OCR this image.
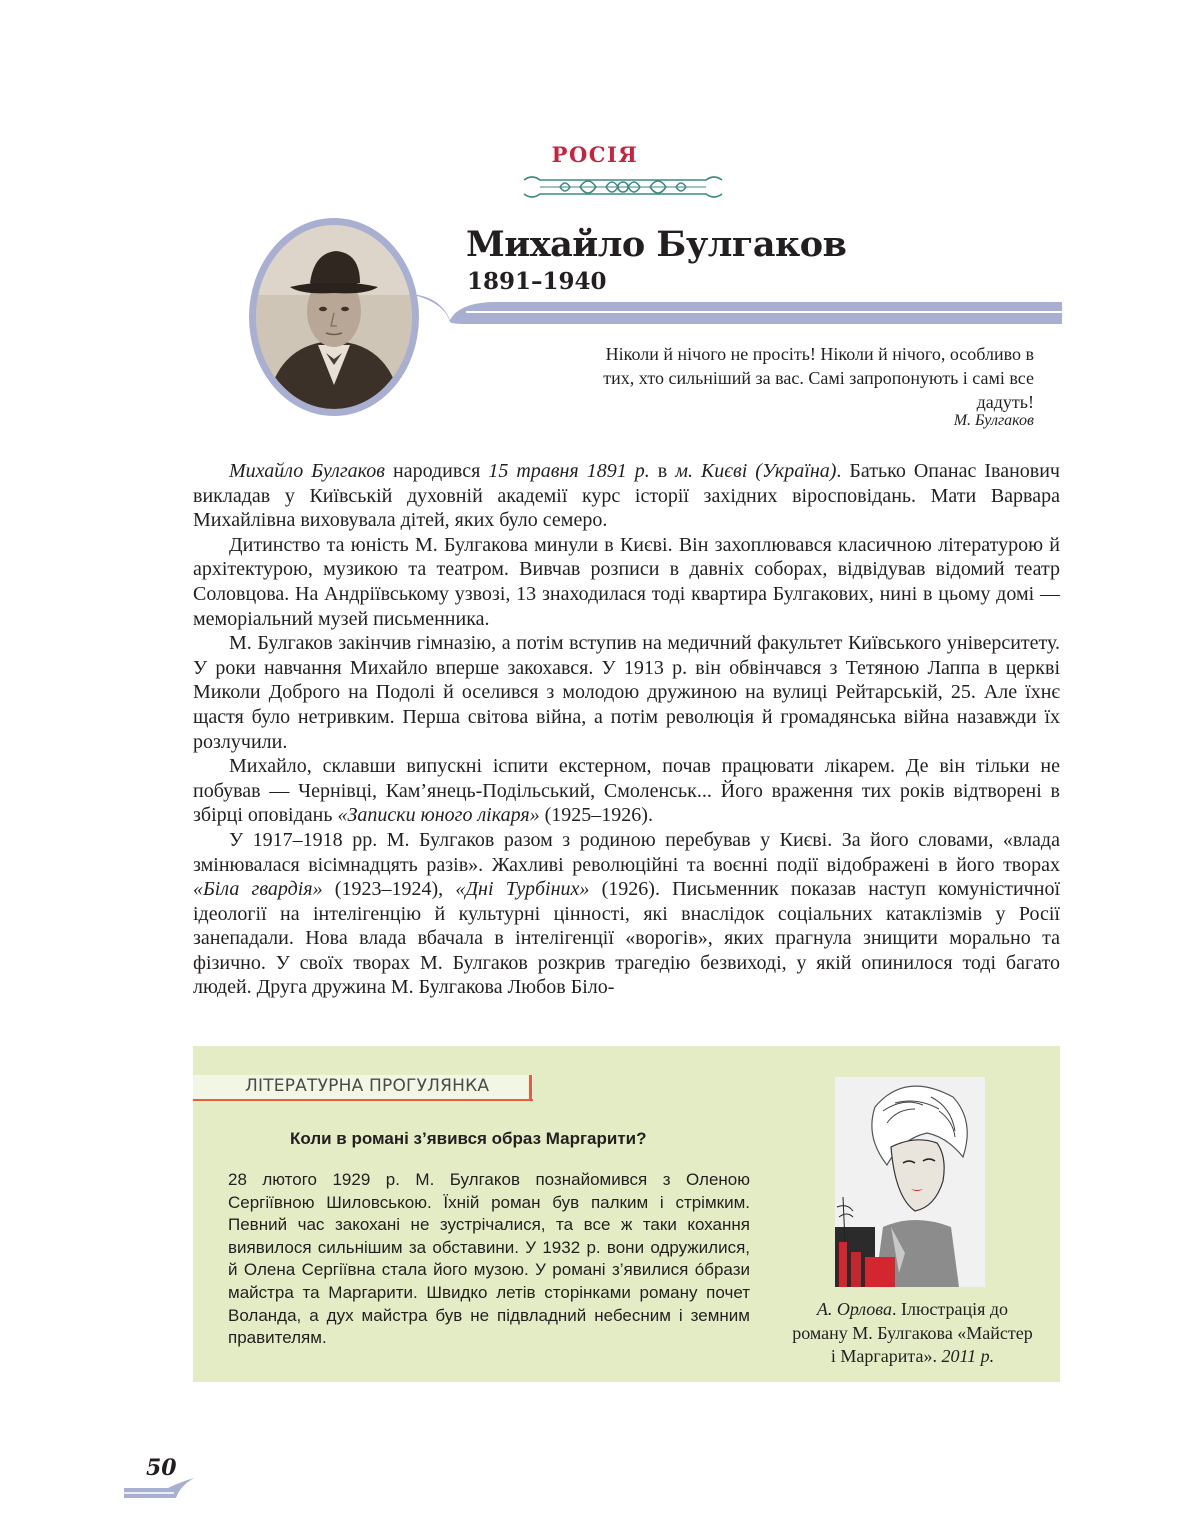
РОСІЯ
Михайло Булгаков
1891–1940
Ніколи й нічого не просіть! Ніколи й нічого, особливо в тих, хто сильніший за вас. Самі запропонують і самі все дадуть!
М. Булгаков

Михайло Булгаков народився 15 травня 1891 р. в м. Києві (Україна). Батько Опанас Іванович викладав у Київській духовній академії курс історії західних віросповідань. Мати Варвара Михайлівна виховувала дітей, яких було семеро.

Дитинство та юність М. Булгакова минули в Києві. Він захоплювався класичною літературою й архітектурою, музикою та театром. Вивчав розписи в давніх соборах, відвідував відомий театр Соловцова. На Андріївському узвозі, 13 знаходилася тоді квартира Булгакових, нині в цьому домі — меморіальний музей письменника.

М. Булгаков закінчив гімназію, а потім вступив на медичний факультет Київського університету. У роки навчання Михайло вперше закохався. У 1913 р. він обвінчався з Тетяною Лаппа в церкві Миколи Доброго на Подолі й оселився з молодою дружиною на вулиці Рейтарській, 25. Але їхнє щастя було нетривким. Перша світова війна, а потім революція й громадянська війна назавжди їх розлучили.

Михайло, склавши випускні іспити екстерном, почав працювати лікарем. Де він тільки не побував — Чернівці, Кам’янець-Подільський, Смоленськ... Його враження тих років відтворені в збірці оповідань «Записки юного лікаря» (1925–1926).

У 1917–1918 рр. М. Булгаков разом з родиною перебував у Києві. За його словами, «влада змінювалася вісімнадцять разів». Жахливі революційні та воєнні події відображені в його творах «Біла гвардія» (1923–1924), «Дні Турбіних» (1926). Письменник показав наступ комуністичної ідеології на інтелігенцію й культурні цінності, які внаслідок соціальних катаклізмів у Росії занепадали. Нова влада вбачала в інтелігенції «ворогів», яких прагнула знищити морально та фізично. У своїх творах М. Булгаков розкрив трагедію безвиході, у якій опинилося тоді багато людей. Друга дружина М. Булгакова Любов Біло-

ЛІТЕРАТУРНА ПРОГУЛЯНКА
Коли в романі з’явився образ Маргарити?
28 лютого 1929 р. М. Булгаков познайомився з Оленою Сергіївною Шиловською. Їхній роман був палким і стрімким. Певний час закохані не зустрічалися, та все ж таки кохання виявилося сильнішим за обставини. У 1932 р. вони одружилися, й Олена Сергіївна стала його музою. У романі з’явилися óбрази майстра та Маргарити. Швидко летів сторінками роману почет Воланда, а дух майстра був не підвладний небесним і земним правителям.
А. Орлова. Ілюстрація до роману М. Булгакова «Майстер і Маргарита». 2011 р.
50
